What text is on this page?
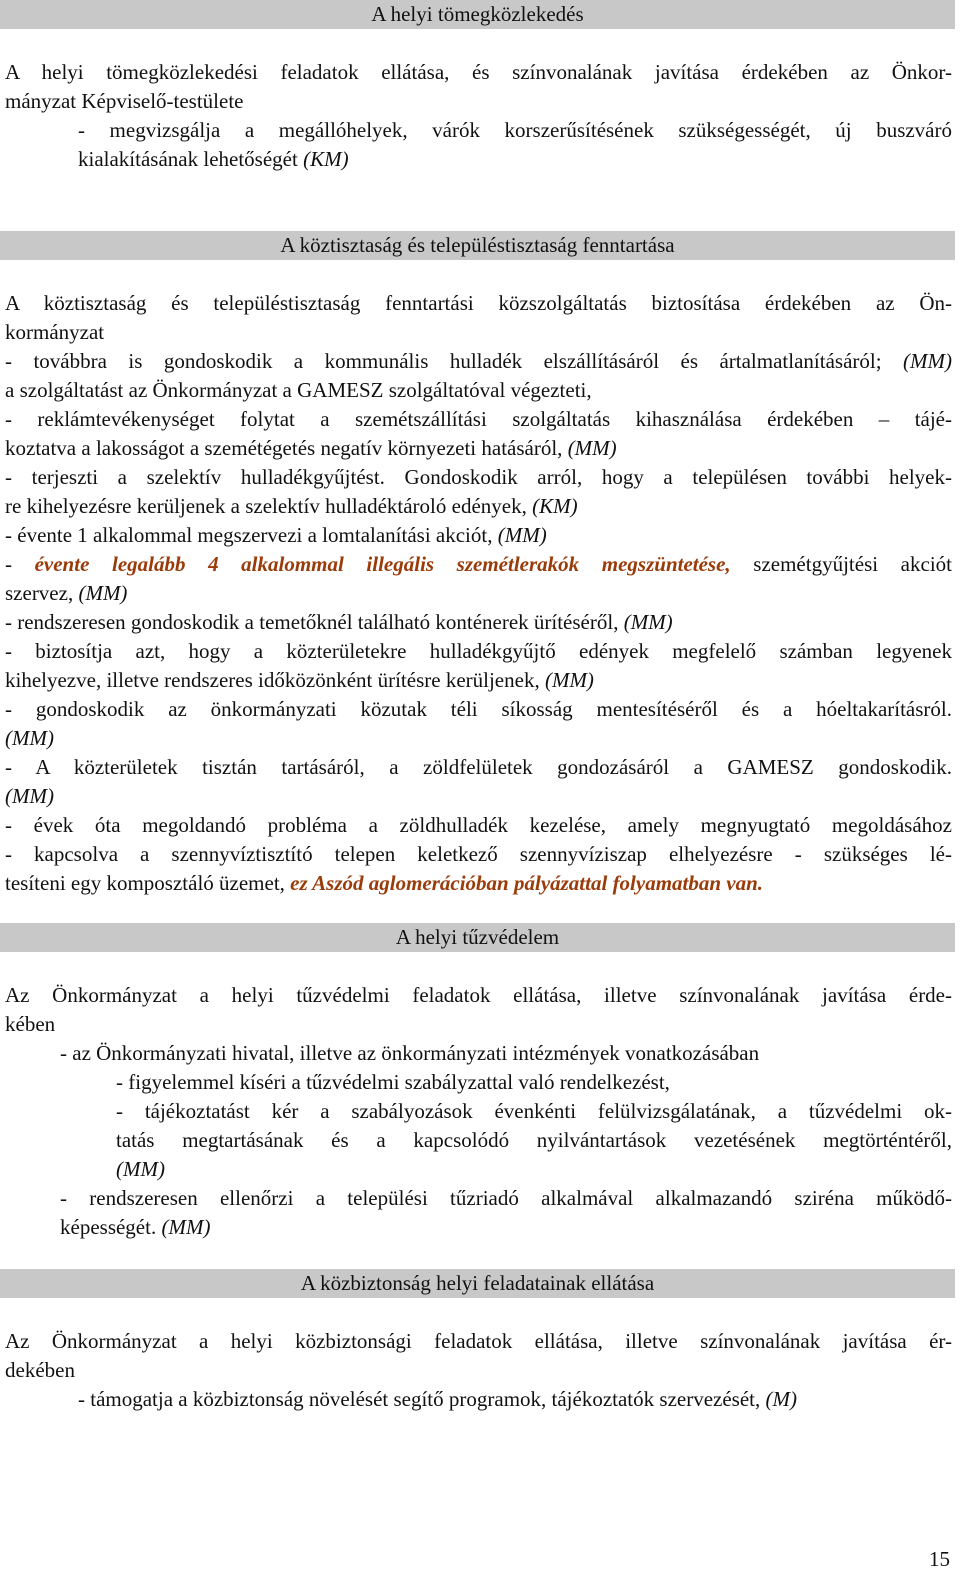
A helyi tömegközlekedés
A helyi tömegközlekedési feladatok ellátása, és színvonalának javítása érdekében az Önkor-
mányzat Képviselő-testülete
- megvizsgálja a megállóhelyek, várók korszerűsítésének szükségességét, új buszváró
kialakításának lehetőségét (KM)
A köztisztaság és településtisztaság fenntartása
A köztisztaság és településtisztaság fenntartási közszolgáltatás biztosítása érdekében az Ön-
kormányzat
- továbbra is gondoskodik a kommunális hulladék elszállításáról és ártalmatlanításáról; (MM)
a szolgáltatást az Önkormányzat a GAMESZ szolgáltatóval végezteti,
- reklámtevékenységet folytat a szemétszállítási szolgáltatás kihasználása érdekében – tájé-
koztatva a lakosságot a szemétégetés negatív környezeti hatásáról, (MM)
- terjeszti a szelektív hulladékgyűjtést. Gondoskodik arról, hogy a településen további helyek-
re kihelyezésre kerüljenek a szelektív hulladéktároló edények, (KM)
- évente 1 alkalommal megszervezi a lomtalanítási akciót, (MM)
- évente legalább 4 alkalommal illegális szemétlerakók megszüntetése, szemétgyűjtési akciót
szervez, (MM)
- rendszeresen gondoskodik a temetőknél található konténerek ürítéséről, (MM)
- biztosítja azt, hogy a közterületekre hulladékgyűjtő edények megfelelő számban legyenek
kihelyezve, illetve rendszeres időközönként ürítésre kerüljenek, (MM)
- gondoskodik az önkormányzati közutak téli síkosság mentesítéséről és a hóeltakarításról.
(MM)
- A közterületek tisztán tartásáról, a zöldfelületek gondozásáról a GAMESZ gondoskodik.
(MM)
- évek óta megoldandó probléma a zöldhulladék kezelése, amely megnyugtató megoldásához
- kapcsolva a szennyvíztisztító telepen keletkező szennyvíziszap elhelyezésre - szükséges lé-
tesíteni egy komposztáló üzemet, ez Aszód aglomerációban pályázattal folyamatban van.
A helyi tűzvédelem
Az Önkormányzat a helyi tűzvédelmi feladatok ellátása, illetve színvonalának javítása érde-
kében
- az Önkormányzati hivatal, illetve az önkormányzati intézmények vonatkozásában
- figyelemmel kíséri a tűzvédelmi szabályzattal való rendelkezést,
- tájékoztatást kér a szabályozások évenkénti felülvizsgálatának, a tűzvédelmi ok-
tatás megtartásának és a kapcsolódó nyilvántartások vezetésének megtörténtéről,
(MM)
- rendszeresen ellenőrzi a települési tűzriadó alkalmával alkalmazandó sziréna működő-
képességét. (MM)
A közbiztonság helyi feladatainak ellátása
Az Önkormányzat a helyi közbiztonsági feladatok ellátása, illetve színvonalának javítása ér-
dekében
- támogatja a közbiztonság növelését segítő programok, tájékoztatók szervezését, (M)
15
